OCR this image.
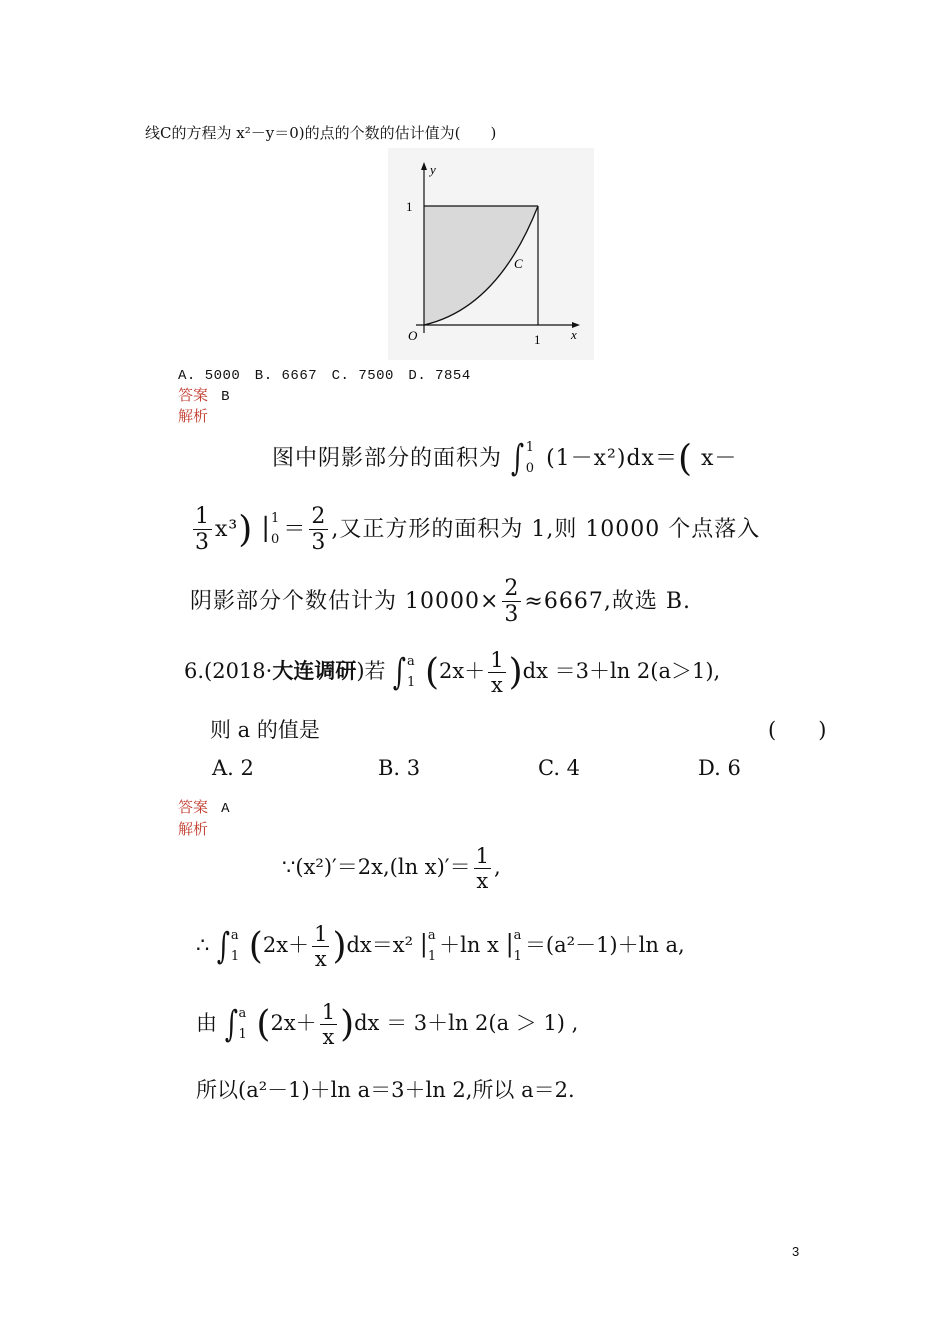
线C的方程为 x²－y＝0)的点的个数的估计值为(　　)
y
1
O	1 x
C
A. 5000　B. 6667　C. 7500　D. 7854
答案 B
解析
图中阴影部分的面积为 ∫ 1
0 (1－x²)dx＝( x－
$\frac{1}{3} x^3$) | 1
$0 = \frac{2}{3}$ ,又正方形的面积为 1,则 10000 个点落入
阴影部分个数估计为 $10000\times \frac{2}{3} \approx 6667$,故选 B.
6.(2018·大连调研)若 ∫ a
1 $(2x+ \frac{1}{x} )dx =3+\ln$ 2(a＞1),
则 a 的值是	(　　)
A. 2	B. 3	C. 4	D. 6
答案 A
解析
∵(x²)′＝2x,(ln $x)'= \frac{1}{x}$ ,
∴ ∫ a
1 $(2x+ \frac{1}{x} )dx=x^2$ | a
1 ＋ln x | a
1 ＝(a²－1)＋ln a,
由 ∫ a
1 $(2x+ \frac{1}{x} )dx = 3+\ln$ 2(a ＞ 1) ,
所以(a²－1)＋ln a＝3＋ln 2,所以 a＝2.
3
